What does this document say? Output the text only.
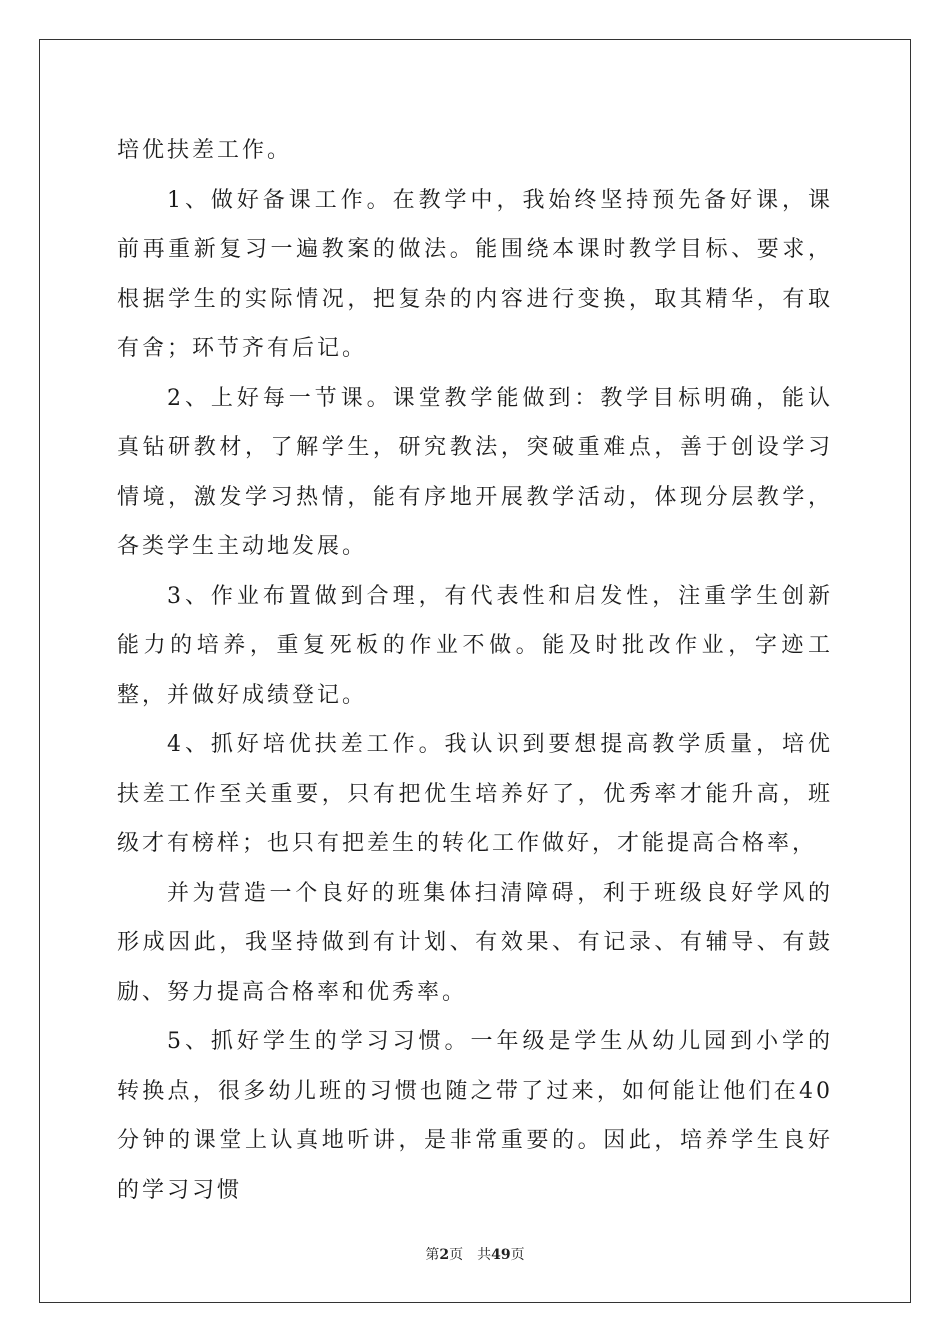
培优扶差工作。

1、做好备课工作。在教学中，我始终坚持预先备好课，课前再重新复习一遍教案的做法。能围绕本课时教学目标、要求，根据学生的实际情况，把复杂的内容进行变换，取其精华，有取有舍；环节齐有后记。

2、上好每一节课。课堂教学能做到：教学目标明确，能认真钻研教材，了解学生，研究教法，突破重难点，善于创设学习情境，激发学习热情，能有序地开展教学活动，体现分层教学，各类学生主动地发展。

3、作业布置做到合理，有代表性和启发性，注重学生创新能力的培养，重复死板的作业不做。能及时批改作业，字迹工整，并做好成绩登记。

4、抓好培优扶差工作。我认识到要想提高教学质量，培优扶差工作至关重要，只有把优生培养好了，优秀率才能升高，班级才有榜样；也只有把差生的转化工作做好，才能提高合格率，

并为营造一个良好的班集体扫清障碍，利于班级良好学风的形成因此，我坚持做到有计划、有效果、有记录、有辅导、有鼓励、努力提高合格率和优秀率。

5、抓好学生的学习习惯。一年级是学生从幼儿园到小学的转换点，很多幼儿班的习惯也随之带了过来，如何能让他们在40分钟的课堂上认真地听讲，是非常重要的。因此，培养学生良好的学习习惯

第2页 共49页
